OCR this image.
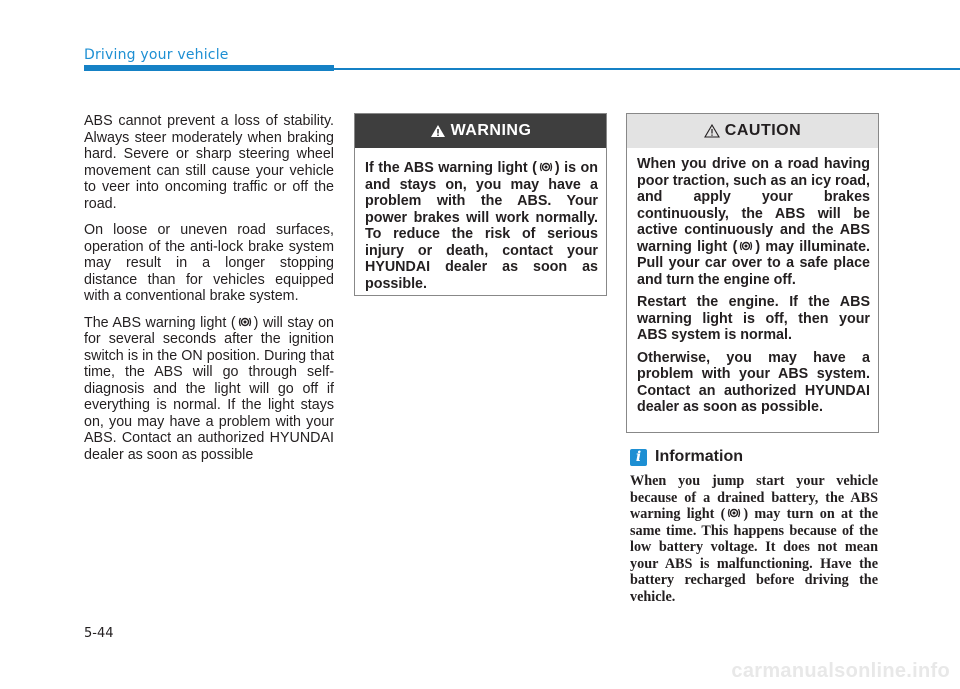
Driving your vehicle

ABS cannot prevent a loss of stability. Always steer moderately when braking hard. Severe or sharp steering wheel movement can still cause your vehicle to veer into oncoming traffic or off the road.

On loose or uneven road surfaces, operation of the anti-lock brake system may result in a longer stopping distance than for vehicles equipped with a conventional brake system.

The ABS warning light ( ) will stay on for several seconds after the ignition switch is in the ON position. During that time, the ABS will go through self-diagnosis and the light will go off if everything is normal. If the light stays on, you may have a problem with your ABS. Contact an authorized HYUNDAI dealer as soon as possible

WARNING
If the ABS warning light ( ) is on and stays on, you may have a problem with the ABS. Your power brakes will work normally. To reduce the risk of serious injury or death, contact your HYUNDAI dealer as soon as possible.
CAUTION

When you drive on a road having poor traction, such as an icy road, and apply your brakes continuously, the ABS will be active continuously and the ABS warning light ( ) may illuminate. Pull your car over to a safe place and turn the engine off.

Restart the engine. If the ABS warning light is off, then your ABS system is normal.

Otherwise, you may have a problem with your ABS system. Contact an authorized HYUNDAI dealer as soon as possible.

i Information
When you jump start your vehicle because of a drained battery, the ABS warning light ( ) may turn on at the same time. This happens because of the low battery voltage. It does not mean your ABS is malfunctioning. Have the battery recharged before driving the vehicle.
5-44
carmanualsonline.info
